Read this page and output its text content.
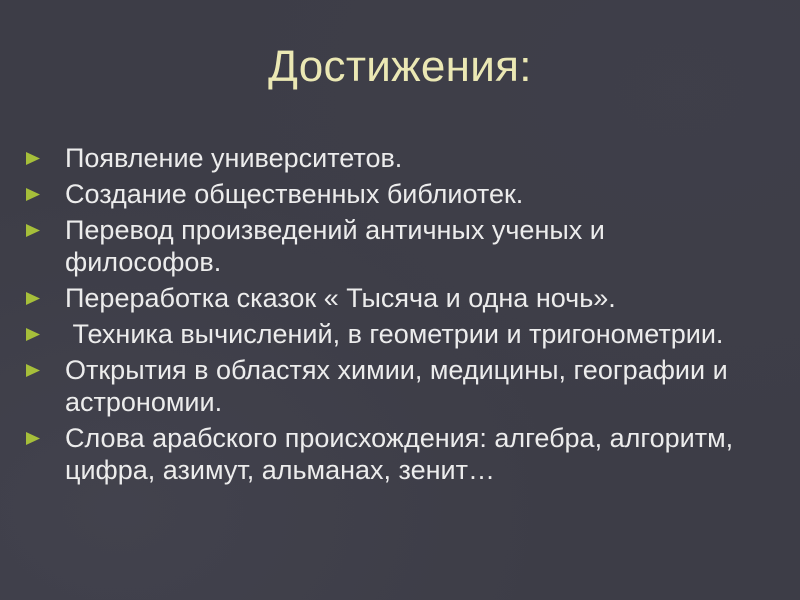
Достижения:
Появление университетов.
Создание общественных библиотек.
Перевод произведений античных ученых и философов.
Переработка сказок « Тысяча и одна ночь».
Техника вычислений, в геометрии и тригонометрии.
Открытия в областях химии, медицины, географии и астрономии.
Слова арабского происхождения: алгебра, алгоритм, цифра, азимут, альманах, зенит…
